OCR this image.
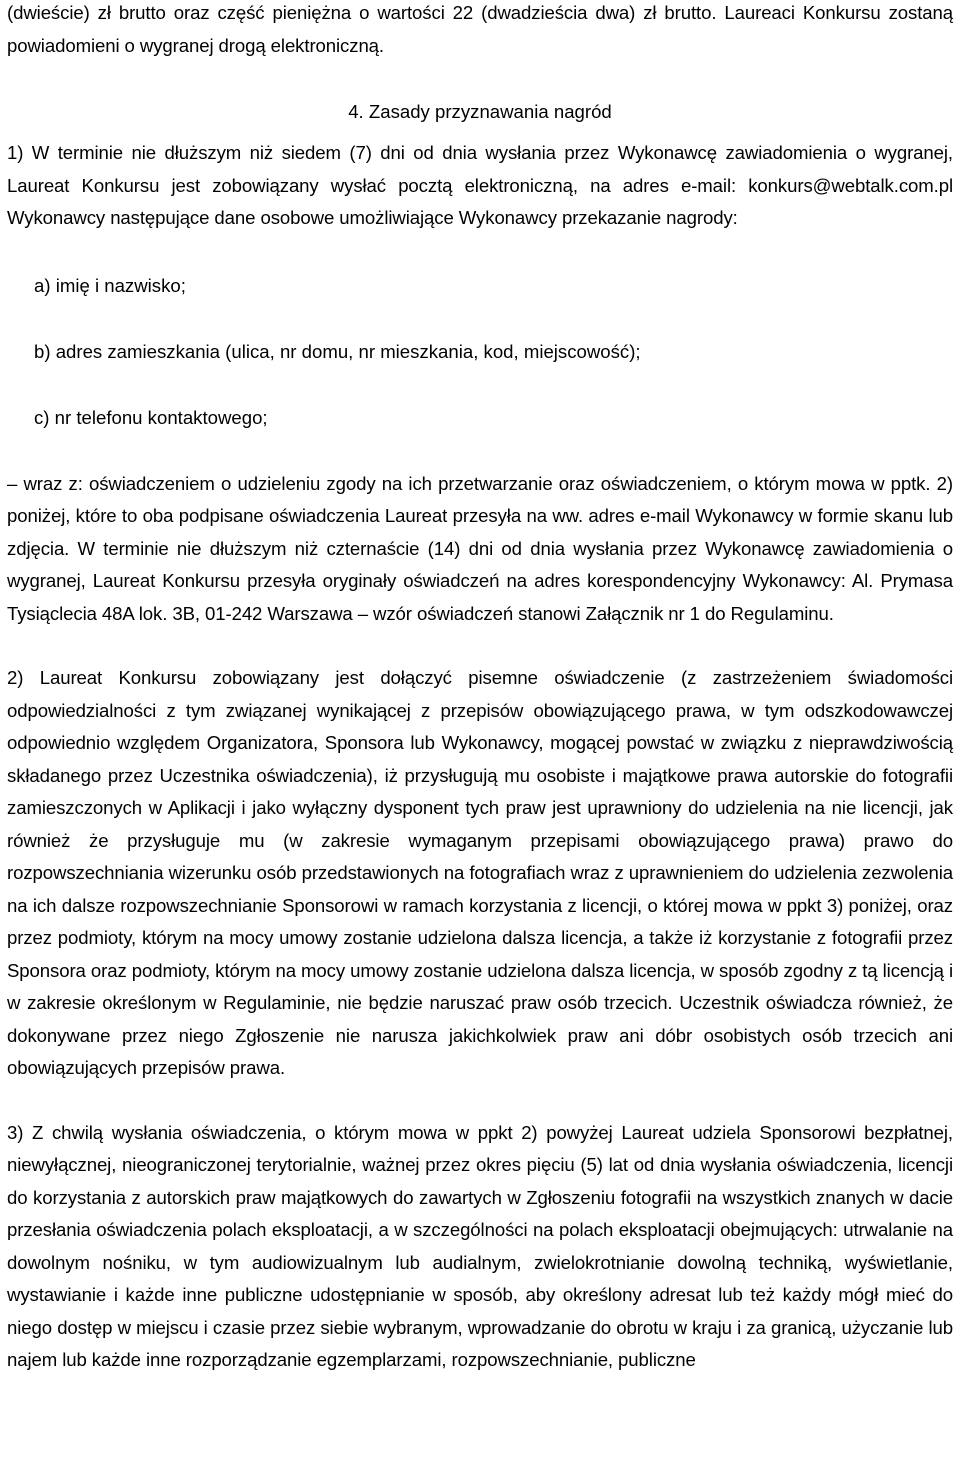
(dwieście) zł brutto oraz część pieniężna o wartości 22 (dwadzieścia dwa) zł brutto. Laureaci Konkursu zostaną powiadomieni o wygranej drogą elektroniczną.

4. Zasady przyznawania nagród

1) W terminie nie dłuższym niż siedem (7) dni od dnia wysłania przez Wykonawcę zawiadomienia o wygranej, Laureat Konkursu jest zobowiązany wysłać pocztą elektroniczną, na adres e-mail: konkurs@webtalk.com.pl Wykonawcy następujące dane osobowe umożliwiające Wykonawcy przekazanie nagrody:

a) imię i nazwisko;

b) adres zamieszkania (ulica, nr domu, nr mieszkania, kod, miejscowość);

c) nr telefonu kontaktowego;

– wraz z: oświadczeniem o udzieleniu zgody na ich przetwarzanie oraz oświadczeniem, o którym mowa w pptk. 2) poniżej, które to oba podpisane oświadczenia Laureat przesyła na ww. adres e-mail Wykonawcy w formie skanu lub zdjęcia. W terminie nie dłuższym niż czternaście (14) dni od dnia wysłania przez Wykonawcę zawiadomienia o wygranej, Laureat Konkursu przesyła oryginały oświadczeń na adres korespondencyjny Wykonawcy: Al. Prymasa Tysiąclecia 48A lok. 3B, 01-242 Warszawa – wzór oświadczeń stanowi Załącznik nr 1 do Regulaminu.

2) Laureat Konkursu zobowiązany jest dołączyć pisemne oświadczenie (z zastrzeżeniem świadomości odpowiedzialności z tym związanej wynikającej z przepisów obowiązującego prawa, w tym odszkodowawczej odpowiednio względem Organizatora, Sponsora lub Wykonawcy, mogącej powstać w związku z nieprawdziwością składanego przez Uczestnika oświadczenia), iż przysługują mu osobiste i majątkowe prawa autorskie do fotografii zamieszczonych w Aplikacji i jako wyłączny dysponent tych praw jest uprawniony do udzielenia na nie licencji, jak również że przysługuje mu (w zakresie wymaganym przepisami obowiązującego prawa) prawo do rozpowszechniania wizerunku osób przedstawionych na fotografiach wraz z uprawnieniem do udzielenia zezwolenia na ich dalsze rozpowszechnianie Sponsorowi w ramach korzystania z licencji, o której mowa w ppkt 3) poniżej, oraz przez podmioty, którym na mocy umowy zostanie udzielona dalsza licencja, a także iż korzystanie z fotografii przez Sponsora oraz podmioty, którym na mocy umowy zostanie udzielona dalsza licencja, w sposób zgodny z tą licencją i w zakresie określonym w Regulaminie, nie będzie naruszać praw osób trzecich. Uczestnik oświadcza również, że dokonywane przez niego Zgłoszenie nie narusza jakichkolwiek praw ani dóbr osobistych osób trzecich ani obowiązujących przepisów prawa.

3) Z chwilą wysłania oświadczenia, o którym mowa w ppkt 2) powyżej Laureat udziela Sponsorowi bezpłatnej, niewyłącznej, nieograniczonej terytorialnie, ważnej przez okres pięciu (5) lat od dnia wysłania oświadczenia, licencji do korzystania z autorskich praw majątkowych do zawartych w Zgłoszeniu fotografii na wszystkich znanych w dacie przesłania oświadczenia polach eksploatacji, a w szczególności na polach eksploatacji obejmujących: utrwalanie na dowolnym nośniku, w tym audiowizualnym lub audialnym, zwielokrotnianie dowolną techniką, wyświetlanie, wystawianie i każde inne publiczne udostępnianie w sposób, aby określony adresat lub też każdy mógł mieć do niego dostęp w miejscu i czasie przez siebie wybranym, wprowadzanie do obrotu w kraju i za granicą, użyczanie lub najem lub każde inne rozporządzanie egzemplarzami, rozpowszechnianie, publiczne
